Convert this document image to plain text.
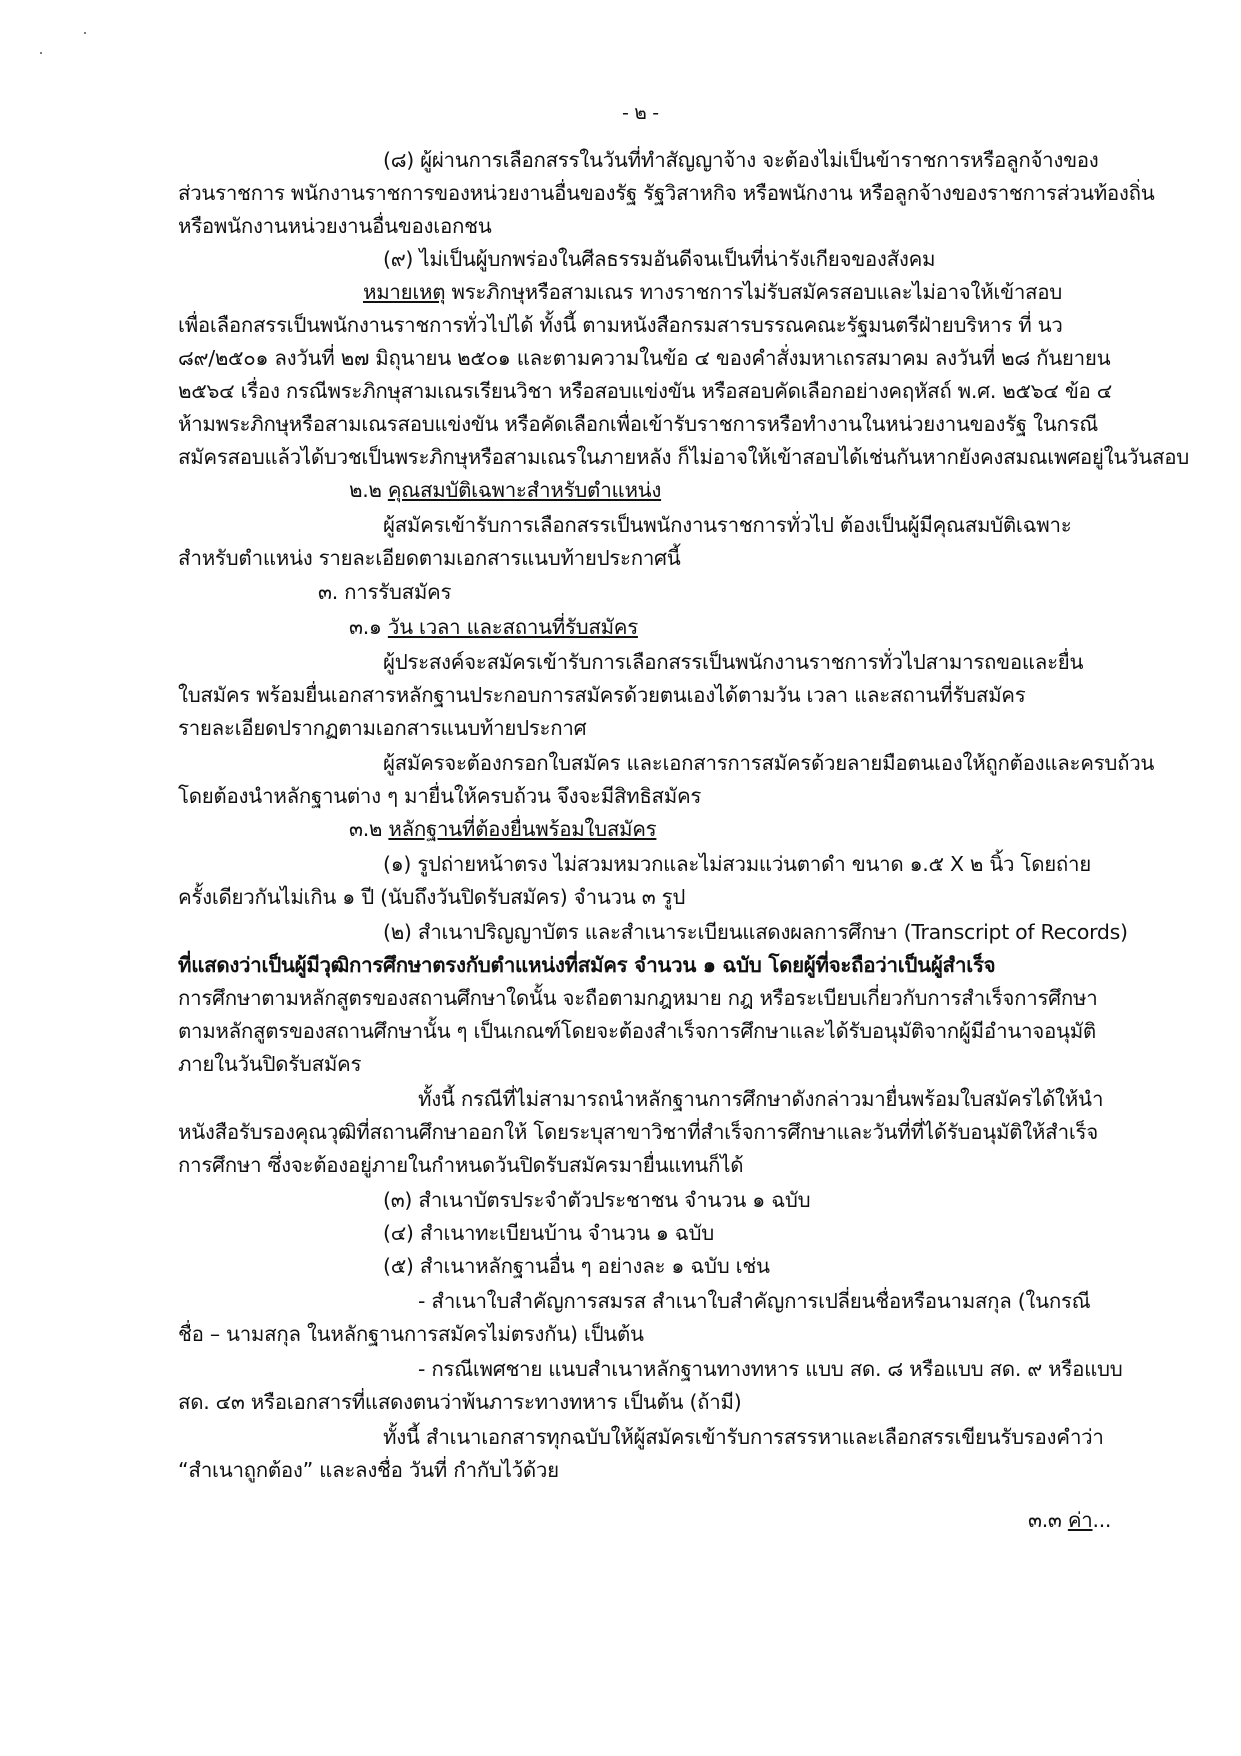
- ๒ -
(๘) ผู้ผ่านการเลือกสรรในวันที่ทำสัญญาจ้าง จะต้องไม่เป็นข้าราชการหรือลูกจ้างของ
ส่วนราชการ พนักงานราชการของหน่วยงานอื่นของรัฐ รัฐวิสาหกิจ หรือพนักงาน หรือลูกจ้างของราชการส่วนท้องถิ่น
หรือพนักงานหน่วยงานอื่นของเอกชน
(๙) ไม่เป็นผู้บกพร่องในศีลธรรมอันดีจนเป็นที่น่ารังเกียจของสังคม
หมายเหตุ พระภิกษุหรือสามเณร ทางราชการไม่รับสมัครสอบและไม่อาจให้เข้าสอบ
เพื่อเลือกสรรเป็นพนักงานราชการทั่วไปได้ ทั้งนี้ ตามหนังสือกรมสารบรรณคณะรัฐมนตรีฝ่ายบริหาร ที่ นว
๘๙/๒๕๐๑ ลงวันที่ ๒๗ มิถุนายน ๒๕๐๑ และตามความในข้อ ๔ ของคำสั่งมหาเถรสมาคม ลงวันที่ ๒๘ กันยายน
๒๕๖๔ เรื่อง กรณีพระภิกษุสามเณรเรียนวิชา หรือสอบแข่งขัน หรือสอบคัดเลือกอย่างคฤหัสถ์ พ.ศ. ๒๕๖๔ ข้อ ๔
ห้ามพระภิกษุหรือสามเณรสอบแข่งขัน หรือคัดเลือกเพื่อเข้ารับราชการหรือทำงานในหน่วยงานของรัฐ ในกรณี
สมัครสอบแล้วได้บวชเป็นพระภิกษุหรือสามเณรในภายหลัง ก็ไม่อาจให้เข้าสอบได้เช่นกันหากยังคงสมณเพศอยู่ในวันสอบ
๒.๒ คุณสมบัติเฉพาะสำหรับตำแหน่ง
ผู้สมัครเข้ารับการเลือกสรรเป็นพนักงานราชการทั่วไป ต้องเป็นผู้มีคุณสมบัติเฉพาะ
สำหรับตำแหน่ง รายละเอียดตามเอกสารแนบท้ายประกาศนี้
๓. การรับสมัคร
๓.๑ วัน เวลา และสถานที่รับสมัคร
ผู้ประสงค์จะสมัครเข้ารับการเลือกสรรเป็นพนักงานราชการทั่วไปสามารถขอและยื่น
ใบสมัคร พร้อมยื่นเอกสารหลักฐานประกอบการสมัครด้วยตนเองได้ตามวัน เวลา และสถานที่รับสมัคร
รายละเอียดปรากฏตามเอกสารแนบท้ายประกาศ
ผู้สมัครจะต้องกรอกใบสมัคร และเอกสารการสมัครด้วยลายมือตนเองให้ถูกต้องและครบถ้วน
โดยต้องนำหลักฐานต่าง ๆ มายื่นให้ครบถ้วน จึงจะมีสิทธิสมัคร
๓.๒ หลักฐานที่ต้องยื่นพร้อมใบสมัคร
(๑) รูปถ่ายหน้าตรง ไม่สวมหมวกและไม่สวมแว่นตาดำ ขนาด ๑.๕ X ๒ นิ้ว โดยถ่าย
ครั้งเดียวกันไม่เกิน ๑ ปี (นับถึงวันปิดรับสมัคร) จำนวน ๓ รูป
(๒) สำเนาปริญญาบัตร และสำเนาระเบียนแสดงผลการศึกษา (Transcript of Records)
ที่แสดงว่าเป็นผู้มีวุฒิการศึกษาตรงกับตำแหน่งที่สมัคร จำนวน ๑ ฉบับ โดยผู้ที่จะถือว่าเป็นผู้สำเร็จ
การศึกษาตามหลักสูตรของสถานศึกษาใดนั้น จะถือตามกฎหมาย กฎ หรือระเบียบเกี่ยวกับการสำเร็จการศึกษา
ตามหลักสูตรของสถานศึกษานั้น ๆ เป็นเกณฑ์โดยจะต้องสำเร็จการศึกษาและได้รับอนุมัติจากผู้มีอำนาจอนุมัติ
ภายในวันปิดรับสมัคร
ทั้งนี้ กรณีที่ไม่สามารถนำหลักฐานการศึกษาดังกล่าวมายื่นพร้อมใบสมัครได้ให้นำ
หนังสือรับรองคุณวุฒิที่สถานศึกษาออกให้ โดยระบุสาขาวิชาที่สำเร็จการศึกษาและวันที่ที่ได้รับอนุมัติให้สำเร็จ
การศึกษา ซึ่งจะต้องอยู่ภายในกำหนดวันปิดรับสมัครมายื่นแทนก็ได้
(๓) สำเนาบัตรประจำตัวประชาชน จำนวน ๑ ฉบับ
(๔) สำเนาทะเบียนบ้าน จำนวน ๑ ฉบับ
(๕) สำเนาหลักฐานอื่น ๆ อย่างละ ๑ ฉบับ เช่น
- สำเนาใบสำคัญการสมรส สำเนาใบสำคัญการเปลี่ยนชื่อหรือนามสกุล (ในกรณี
ชื่อ – นามสกุล ในหลักฐานการสมัครไม่ตรงกัน) เป็นต้น
- กรณีเพศชาย แนบสำเนาหลักฐานทางทหาร แบบ สด. ๘ หรือแบบ สด. ๙ หรือแบบ
สด. ๔๓ หรือเอกสารที่แสดงตนว่าพ้นภาระทางทหาร เป็นต้น (ถ้ามี)
ทั้งนี้ สำเนาเอกสารทุกฉบับให้ผู้สมัครเข้ารับการสรรหาและเลือกสรรเขียนรับรองคำว่า
“สำเนาถูกต้อง” และลงชื่อ วันที่ กำกับไว้ด้วย
๓.๓ ค่า...
